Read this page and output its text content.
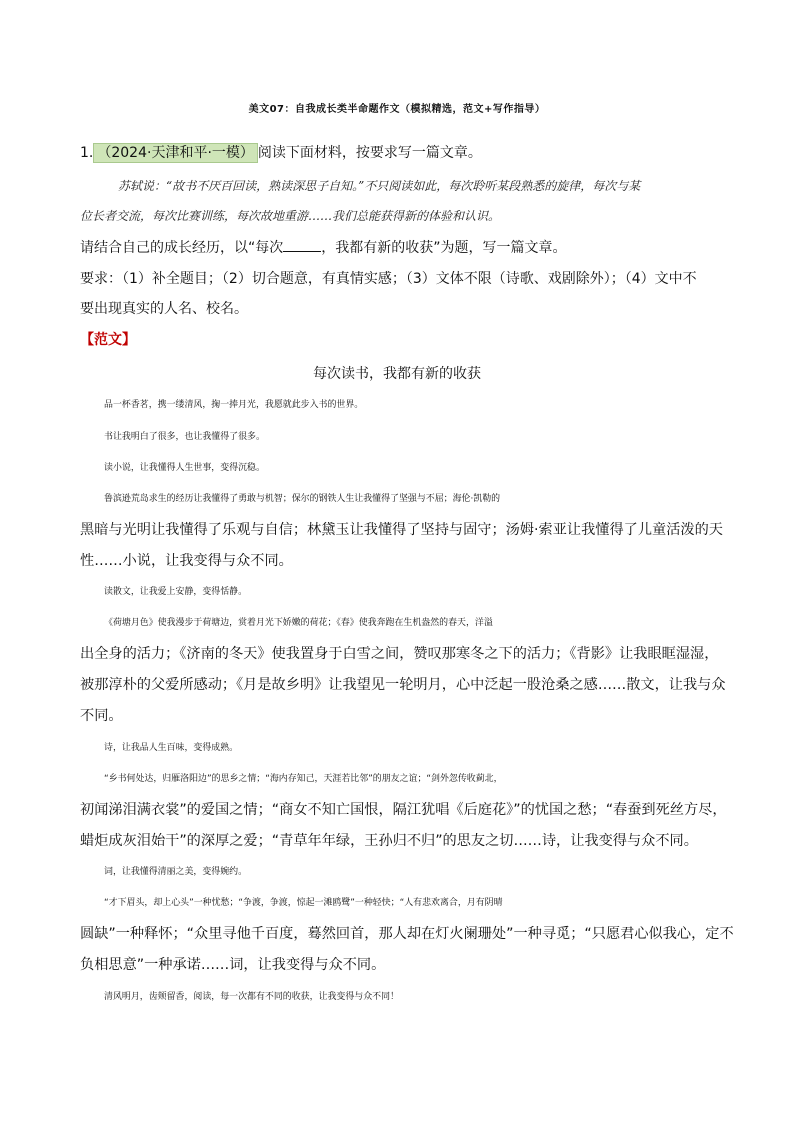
美文07：自我成长类半命题作文（模拟精选，范文+写作指导）
1. （2024·天津和平·一模） 阅读下面材料，按要求写一篇文章。
苏轼说：“故书不厌百回读，熟读深思子自知。”不只阅读如此，每次聆听某段熟悉的旋律，每次与某
位长者交流，每次比赛训练，每次故地重游……我们总能获得新的体验和认识。
请结合自己的成长经历，以“每次	，我都有新的收获”为题，写一篇文章。
要求：（1）补全题目；（2）切合题意，有真情实感；（3）文体不限（诗歌、戏剧除外）；（4）文中不
要出现真实的人名、校名。
【范文】
每次读书，我都有新的收获
品一杯香茗，携一缕清风，掬一捧月光，我愿就此步入书的世界。
书让我明白了很多，也让我懂得了很多。
读小说，让我懂得人生世事，变得沉稳。
鲁滨逊荒岛求生的经历让我懂得了勇敢与机智；保尔的钢铁人生让我懂得了坚强与不屈；海伦·凯勒的
黑暗与光明让我懂得了乐观与自信；林黛玉让我懂得了坚持与固守；汤姆·索亚让我懂得了儿童活泼的天
性……小说，让我变得与众不同。
读散文，让我爱上安静，变得恬静。
《荷塘月色》使我漫步于荷塘边，赏着月光下娇嫩的荷花；《春》使我奔跑在生机盎然的春天，洋溢
出全身的活力；《济南的冬天》使我置身于白雪之间，赞叹那寒冬之下的活力；《背影》让我眼眶湿湿，
被那淳朴的父爱所感动；《月是故乡明》让我望见一轮明月，心中泛起一股沧桑之感……散文，让我与众
不同。
诗，让我品人生百味，变得成熟。
“乡书何处达，归雁洛阳边”的思乡之情；“海内存知己，天涯若比邻”的朋友之谊；“剑外忽传收蓟北，
初闻涕泪满衣裳”的爱国之情；“商女不知亡国恨，隔江犹唱《后庭花》”的忧国之愁；“春蚕到死丝方尽，
蜡炬成灰泪始干”的深厚之爱；“青草年年绿，王孙归不归”的思友之切……诗，让我变得与众不同。
词，让我懂得清丽之美，变得婉约。
“才下眉头，却上心头”一种忧愁；“争渡，争渡，惊起一滩鸥鹭”一种轻快；“人有悲欢离合，月有阴晴
圆缺”一种释怀；“众里寻他千百度，蓦然回首，那人却在灯火阑珊处”一种寻觅；“只愿君心似我心，定不
负相思意”一种承诺……词，让我变得与众不同。
清风明月，齿颊留香，阅读，每一次都有不同的收获，让我变得与众不同！
